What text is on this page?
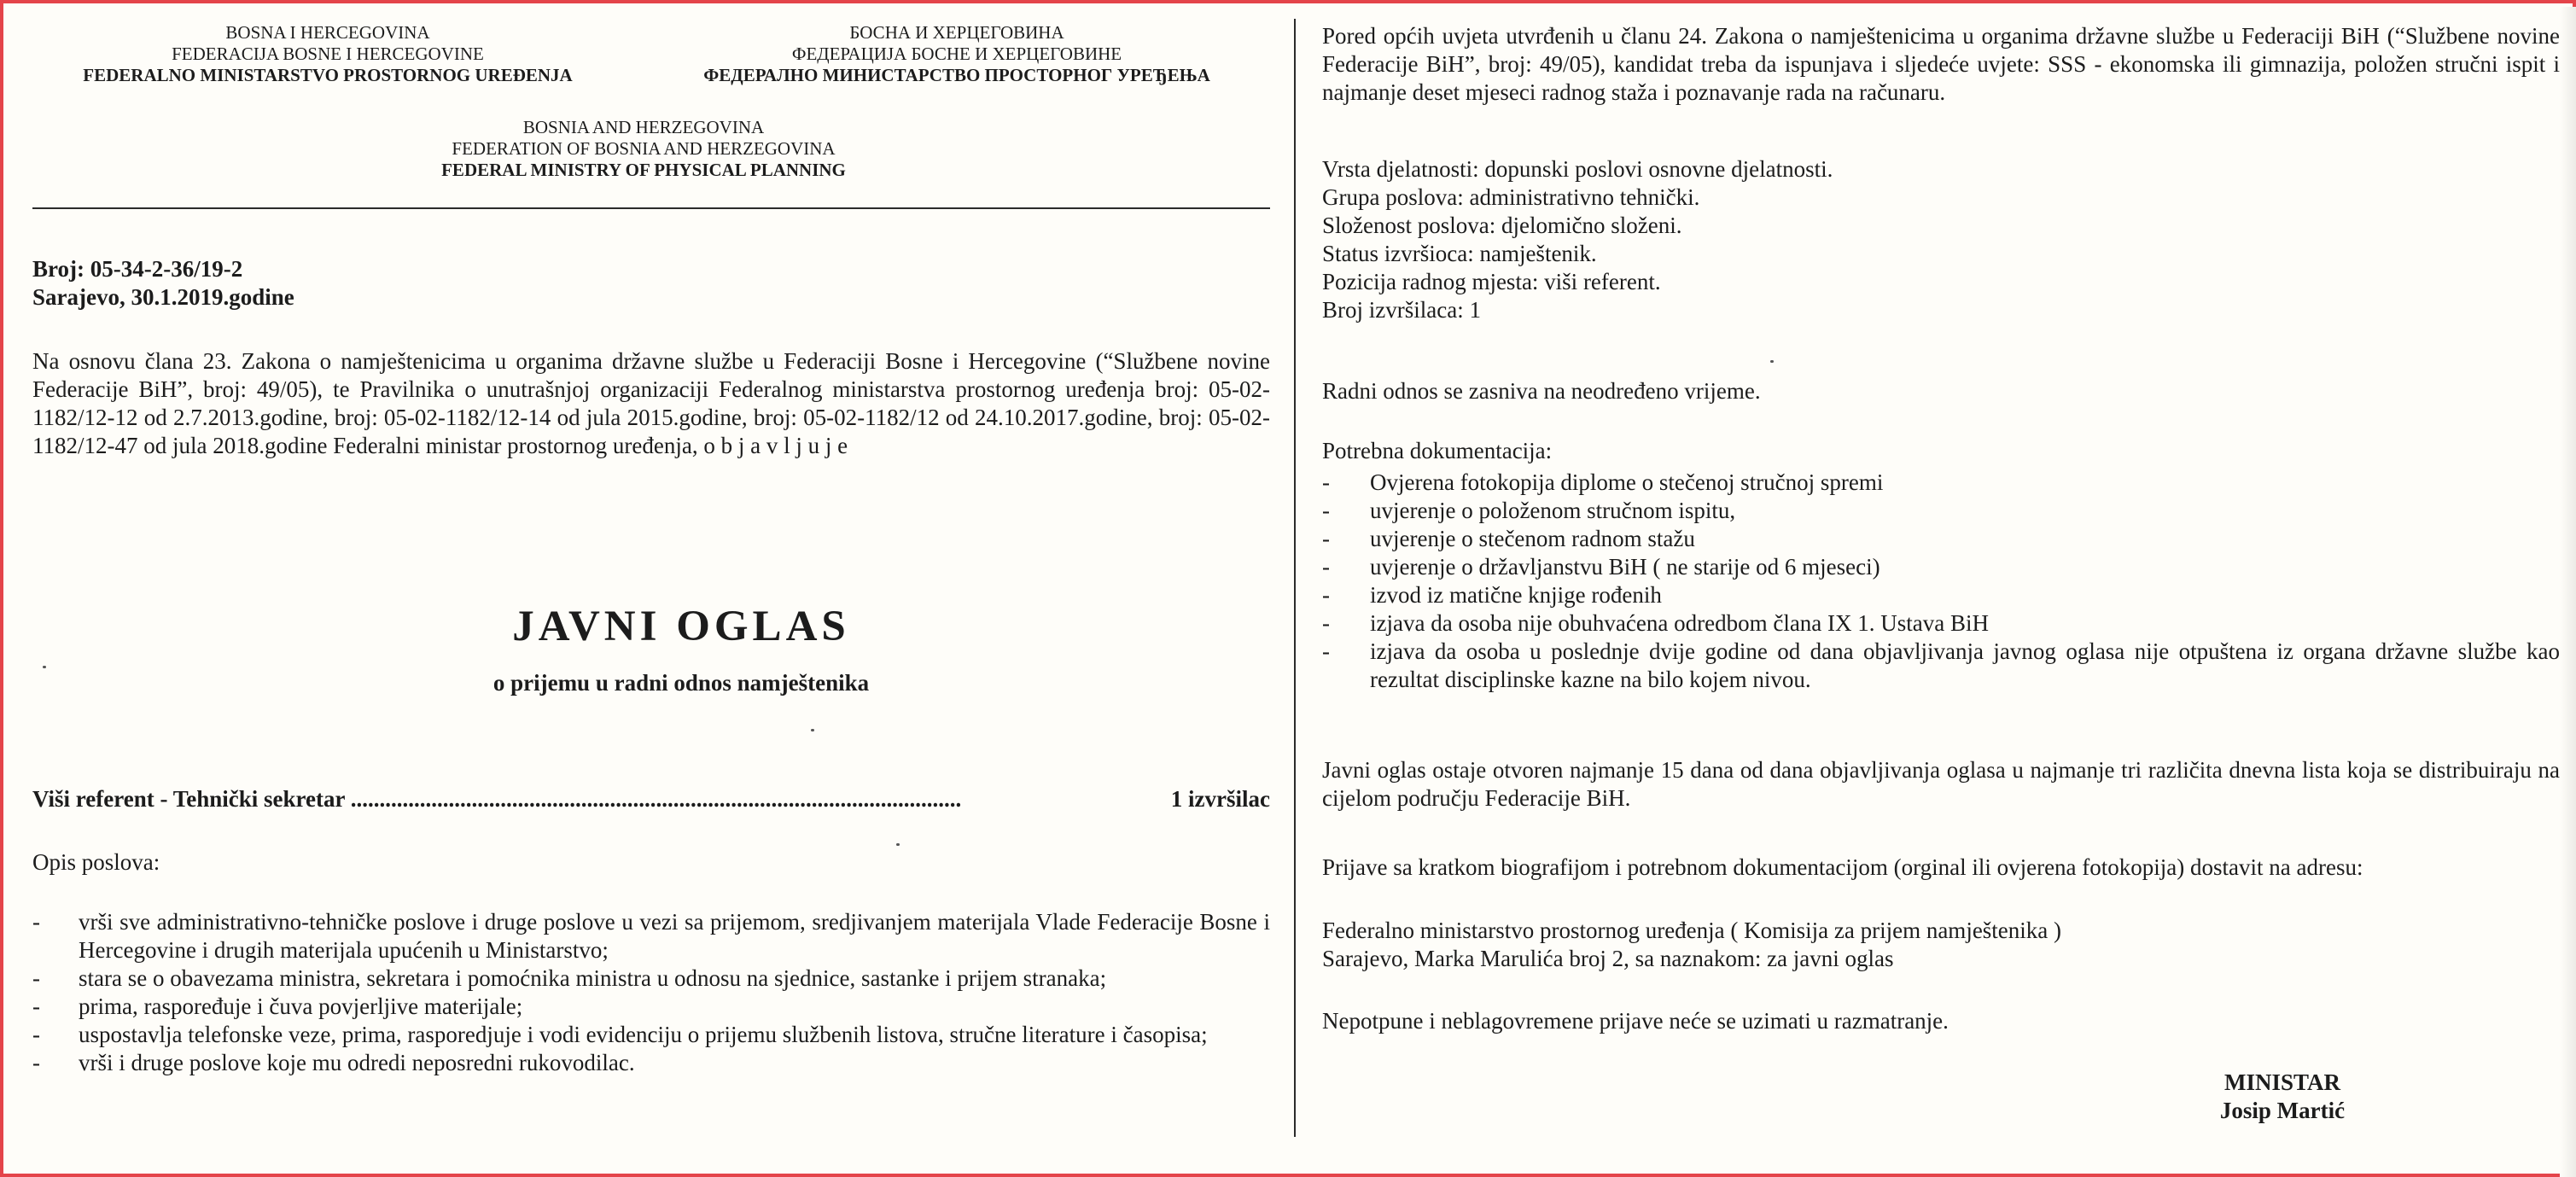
BOSNA I HERCEGOVINA
FEDERACIJA BOSNE I HERCEGOVINE
FEDERALNO MINISTARSTVO PROSTORNOG UREĐENJA
БОСНА И ХЕРЦЕГОВИНА
ФЕДЕРАЦИЈА БОСНЕ И ХЕРЦЕГОВИНЕ
ФЕДЕРАЛНО МИНИСТАРСТВО ПРОСТОРНОГ УРЕЂЕЊА
BOSNIA AND HERZEGOVINA
FEDERATION OF BOSNIA AND HERZEGOVINA
FEDERAL MINISTRY OF PHYSICAL PLANNING
Broj: 05-34-2-36/19-2
Sarajevo, 30.1.2019.godine
Na osnovu člana 23. Zakona o namještenicima u organima državne službe u Federaciji Bosne i Hercegovine (“Službene novine Federacije BiH”, broj: 49/05), te Pravilnika o unutrašnjoj organizaciji Federalnog ministarstva prostornog uređenja broj: 05-02-1182/12-12 od 2.7.2013.godine, broj: 05-02-1182/12-14 od jula 2015.godine, broj: 05-02-1182/12 od 24.10.2017.godine, broj: 05-02-1182/12-47 od jula 2018.godine Federalni ministar prostornog uređenja, o b j a v l j u j e
JAVNI OGLAS
o prijemu u radni odnos namještenika
Viši referent - Tehnički sekretar ..........................................................................................................	1 izvršilac
Opis poslova:
- vrši sve administrativno-tehničke poslove i druge poslove u vezi sa prijemom, sredjivanjem materijala Vlade Federacije Bosne i Hercegovine i drugih materijala upućenih u Ministarstvo;
- stara se o obavezama ministra, sekretara i pomoćnika ministra u odnosu na sjednice, sastanke i prijem stranaka;
- prima, raspoređuje i čuva povjerljive materijale;
- uspostavlja telefonske veze, prima, rasporedjuje i vodi evidenciju o prijemu službenih listova, stručne literature i časopisa;
- vrši i druge poslove koje mu odredi neposredni rukovodilac.
Pored općih uvjeta utvrđenih u članu 24. Zakona o namještenicima u organima državne službe u Federaciji BiH (“Službene novine Federacije BiH”, broj: 49/05), kandidat treba da ispunjava i sljedeće uvjete: SSS - ekonomska ili gimnazija, položen stručni ispit i najmanje deset mjeseci radnog staža i poznavanje rada na računaru.
Vrsta djelatnosti: dopunski poslovi osnovne djelatnosti.
Grupa poslova: administrativno tehnički.
Složenost poslova: djelomično složeni.
Status izvršioca: namještenik.
Pozicija radnog mjesta: viši referent.
Broj izvršilaca: 1
Radni odnos se zasniva na neodređeno vrijeme.
Potrebna dokumentacija:
- Ovjerena fotokopija diplome o stečenoj stručnoj spremi
- uvjerenje o položenom stručnom ispitu,
- uvjerenje o stečenom radnom stažu
- uvjerenje o državljanstvu BiH ( ne starije od 6 mjeseci)
- izvod iz matične knjige rođenih
- izjava da osoba nije obuhvaćena odredbom člana IX 1. Ustava BiH
- izjava da osoba u poslednje dvije godine od dana objavljivanja javnog oglasa nije otpuštena iz organa državne službe kao rezultat disciplinske kazne na bilo kojem nivou.
Javni oglas ostaje otvoren najmanje 15 dana od dana objavljivanja oglasa u najmanje tri različita dnevna lista koja se distribuiraju na cijelom području Federacije BiH.
Prijave sa kratkom biografijom i potrebnom dokumentacijom (orginal ili ovjerena fotokopija) dostavit na adresu:
Federalno ministarstvo prostornog uređenja ( Komisija za prijem namještenika )
Sarajevo, Marka Marulića broj 2, sa naznakom: za javni oglas
Nepotpune i neblagovremene prijave neće se uzimati u razmatranje.
MINISTAR
Josip Martić
